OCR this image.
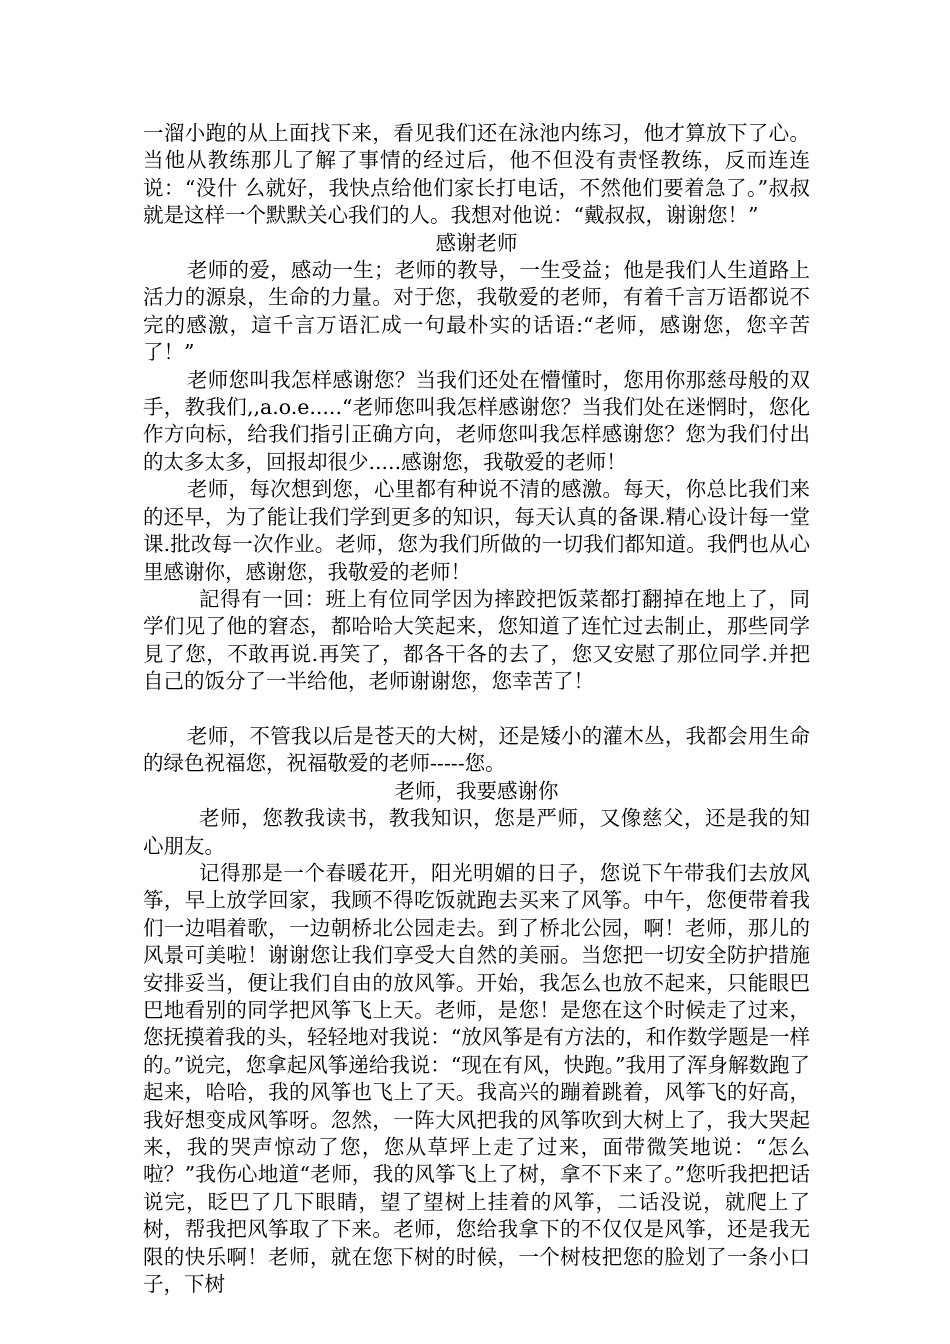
一溜小跑的从上面找下来，看见我们还在泳池内练习，他才算放下了心。当他从教练那儿了解了事情的经过后，他不但没有责怪教练，反而连连说：“没什 么就好，我快点给他们家长打电话，不然他们要着急了。”叔叔就是这样一个默默关心我们的人。我想对他说：“戴叔叔，谢谢您！”

感谢老师

老师的爱，感动一生；老师的教导，一生受益；他是我们人生道路上活力的源泉，生命的力量。对于您，我敬爱的老师，有着千言万语都说不完的感激，這千言万语汇成一句最朴实的话语:“老师，感谢您，您辛苦了！”

老师您叫我怎样感谢您？当我们还处在懵懂时，您用你那慈母般的双手，教我们,,a.o.e.....“老师您叫我怎样感谢您？当我们处在迷惘时，您化作方向标，给我们指引正确方向，老师您叫我怎样感谢您？您为我们付出的太多太多，回报却很少.....感谢您，我敬爱的老师！

老师，每次想到您，心里都有种说不清的感激。每天，你总比我们来的还早，为了能让我们学到更多的知识，每天认真的备课.精心设计每一堂课.批改每一次作业。老师，您为我们所做的一切我们都知道。我們也从心里感谢你，感谢您，我敬爱的老师！

記得有一回：班上有位同学因为摔跤把饭菜都打翻掉在地上了，同学们见了他的窘态，都哈哈大笑起来，您知道了连忙过去制止，那些同学見了您，不敢再说.再笑了，都各干各的去了，您又安慰了那位同学.并把自己的饭分了一半给他，老师谢谢您，您幸苦了！

老师，不管我以后是苍天的大树，还是矮小的灌木丛，我都会用生命的绿色祝福您，祝福敬爱的老师-----您。

老师，我要感谢你

老师，您教我读书，教我知识，您是严师，又像慈父，还是我的知心朋友。

记得那是一个春暖花开，阳光明媚的日子，您说下午带我们去放风筝，早上放学回家，我顾不得吃饭就跑去买来了风筝。中午，您便带着我们一边唱着歌，一边朝桥北公园走去。到了桥北公园，啊！老师，那儿的风景可美啦！谢谢您让我们享受大自然的美丽。当您把一切安全防护措施安排妥当，便让我们自由的放风筝。开始，我怎么也放不起来，只能眼巴巴地看别的同学把风筝飞上天。老师，是您！是您在这个时候走了过来，您抚摸着我的头，轻轻地对我说：“放风筝是有方法的，和作数学题是一样的。”说完，您拿起风筝递给我说：“现在有风，快跑。”我用了浑身解数跑了起来，哈哈，我的风筝也飞上了天。我高兴的蹦着跳着，风筝飞的好高，我好想变成风筝呀。忽然，一阵大风把我的风筝吹到大树上了，我大哭起来，我的哭声惊动了您，您从草坪上走了过来，面带微笑地说：“怎么啦？”我伤心地道“老师，我的风筝飞上了树，拿不下来了。”您听我把把话说完，眨巴了几下眼睛，望了望树上挂着的风筝，二话没说，就爬上了树，帮我把风筝取了下来。老师，您给我拿下的不仅仅是风筝，还是我无限的快乐啊！老师，就在您下树的时候，一个树枝把您的脸划了一条小口子，下树
